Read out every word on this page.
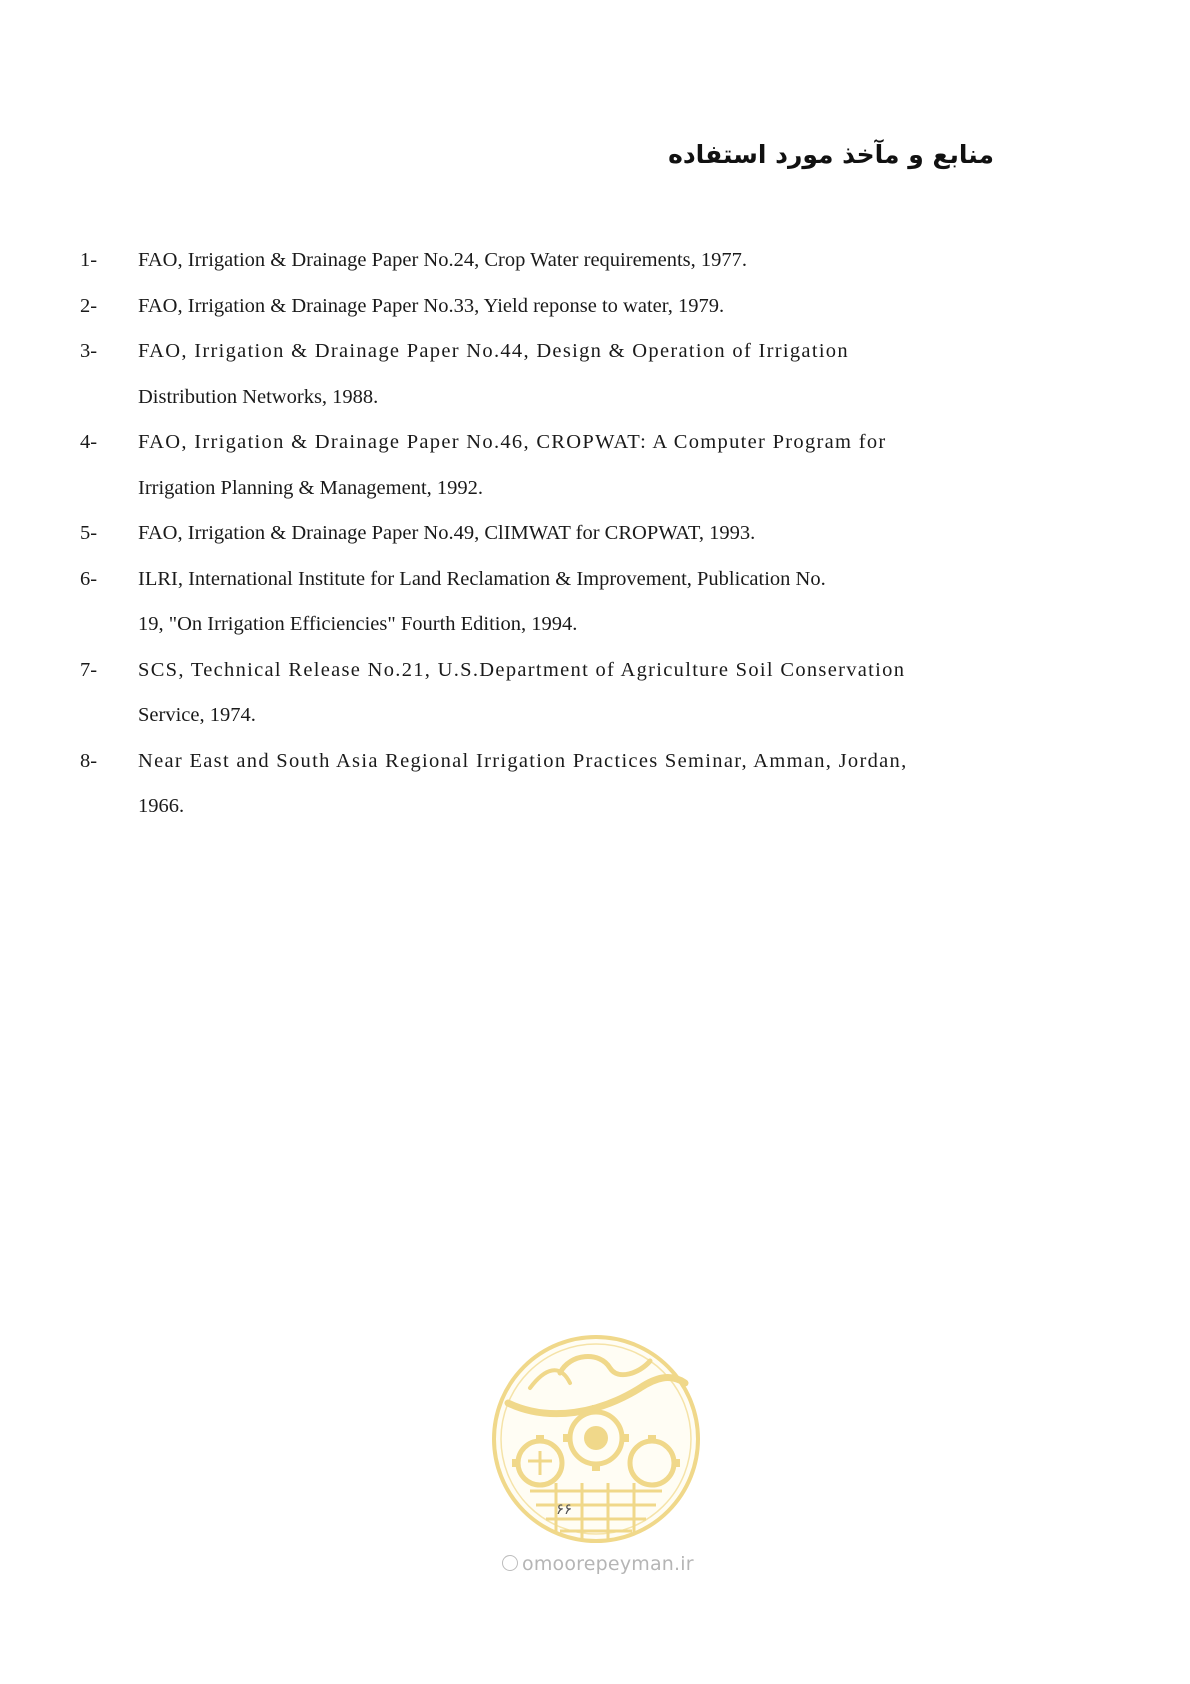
منابع و مآخذ مورد استفاده
1-	FAO, Irrigation & Drainage Paper No.24, Crop Water requirements, 1977.
2-	FAO, Irrigation & Drainage Paper No.33, Yield reponse to water, 1979.
3-	FAO, Irrigation & Drainage Paper No.44, Design & Operation of Irrigation
Distribution Networks, 1988.
4-	FAO, Irrigation & Drainage Paper No.46, CROPWAT: A Computer Program for
Irrigation Planning & Management, 1992.
5-	FAO, Irrigation & Drainage Paper No.49, ClIMWAT for CROPWAT, 1993.
6-	ILRI, International Institute for Land Reclamation & Improvement, Publication No.
19, "On Irrigation Efficiencies" Fourth Edition, 1994.
7-	SCS, Technical Release No.21, U.S.Department of Agriculture Soil Conservation
Service, 1974.
8-	Near East and South Asia Regional Irrigation Practices Seminar, Amman, Jordan,
1966.
۶۶
omoorepeyman.ir
